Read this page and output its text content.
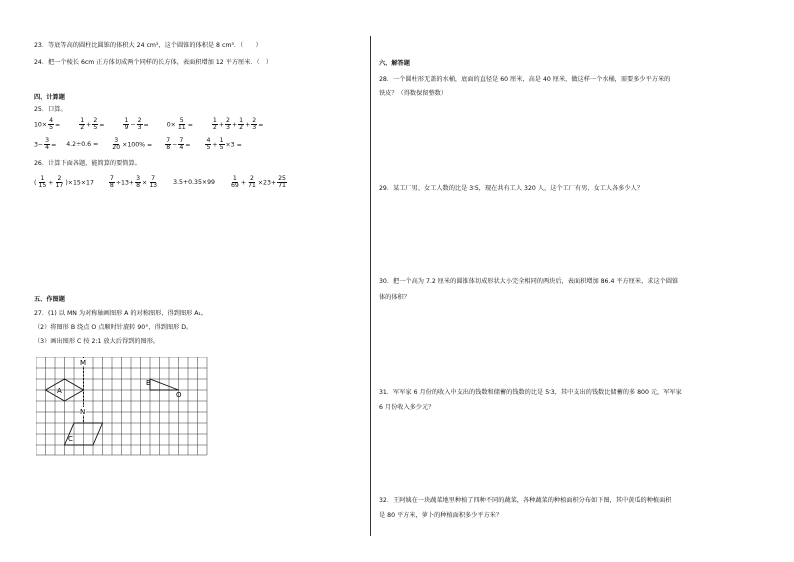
23．等底等高的圆柱比圆锥的体积大 24 cm³，这个圆锥的体积是 8 cm³．（　　）
24．把一个棱长 6cm 正方体切成两个同样的长方体，表面积增加 12 平方厘米．（　）
四、计算题
25．口算。
$10\times \frac{4}{5}$ =	$\frac{1}{2} + \frac{2}{5}$ =	$\frac{1}{9} - \frac{2}{3}$ =	$0\times \frac{5}{11}$ =	$\frac{1}{2} + \frac{2}{3} + \frac{1}{2} + \frac{2}{3}$ =
$3- \frac{3}{4} = 4.2\div 0.6 = \frac{3}{20} \times 100\% = \frac{7}{8} - \frac{7}{4} = \frac{4}{5} + \frac{1}{5} \times 3$ =
26．计算下面各题，能简算的要简算。
( $\frac{1}{15} + \frac{2}{17} )\times 15\times 17 \frac{7}{8} \div 13+ \frac{3}{8} \times \frac{7}{13} 3.5+0.35\times 99 \frac{1}{69} + \frac{2}{71} \times 23+ \frac{25}{71}$
五、作图题
27．(1) 以 MN 为对称轴画图形 A 的对称图形，得到图形 A₁。
（2）将图形 B 绕点 O 点顺时针旋转 90°，得到图形 D。
（3）画出图形 C 按 2:1 放大后得到的图形。
M
N
A
B
O
C
六、解答题
28．一个圆柱形无盖的水桶，底面的直径是 60 厘米，高是 40 厘米，做这样一个水桶，需要多少平方米的
铁皮？（得数保留整数）
29．某工厂男、女工人数的比是 3∶5，现在共有工人 320 人，这个工厂有男、女工人各多少人？
30．把一个高为 7.2 厘米的圆锥体切成形状大小完全相同的两块后，表面积增加 86.4 平方厘米，求这个圆锥
体的体积？
31．军军家 6 月份的收入中支出的钱数和储蓄的钱数的比是 5∶3，其中支出的钱数比储蓄的多 800 元，军军家
6 月份收入多少元？
32．王阿姨在一块蔬菜地里种植了四种不同的蔬菜，各种蔬菜的种植面积分布如下图，其中黄瓜的种植面积
是 80 平方米，萝卜的种植面积多少平方米？
